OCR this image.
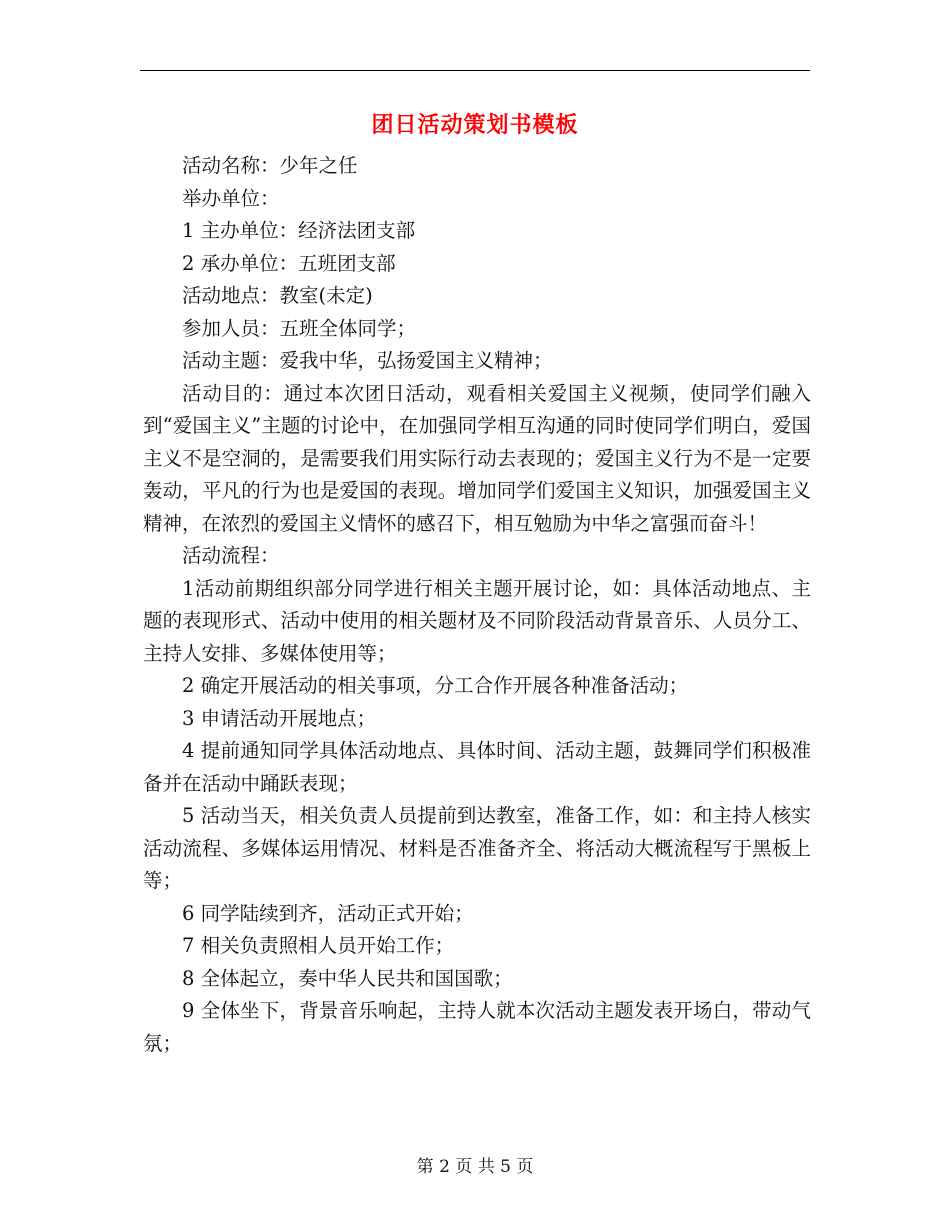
团日活动策划书模板

活动名称：少年之任

举办单位：

1 主办单位：经济法团支部

2 承办单位：五班团支部

活动地点：教室(未定)

参加人员：五班全体同学；

活动主题：爱我中华，弘扬爱国主义精神；

活动目的：通过本次团日活动，观看相关爱国主义视频，使同学们融入到“爱国主义”主题的讨论中，在加强同学相互沟通的同时使同学们明白，爱国主义不是空洞的，是需要我们用实际行动去表现的；爱国主义行为不是一定要轰动，平凡的行为也是爱国的表现。增加同学们爱国主义知识，加强爱国主义精神，在浓烈的爱国主义情怀的感召下，相互勉励为中华之富强而奋斗！

活动流程：

1活动前期组织部分同学进行相关主题开展讨论，如：具体活动地点、主题的表现形式、活动中使用的相关题材及不同阶段活动背景音乐、人员分工、主持人安排、多媒体使用等；

2 确定开展活动的相关事项，分工合作开展各种准备活动；

3 申请活动开展地点；

4 提前通知同学具体活动地点、具体时间、活动主题，鼓舞同学们积极准备并在活动中踊跃表现；

5 活动当天，相关负责人员提前到达教室，准备工作，如：和主持人核实活动流程、多媒体运用情况、材料是否准备齐全、将活动大概流程写于黑板上等；

6 同学陆续到齐，活动正式开始；

7 相关负责照相人员开始工作；

8 全体起立，奏中华人民共和国国歌；

9 全体坐下，背景音乐响起，主持人就本次活动主题发表开场白，带动气氛；

第 2 页 共 5 页
